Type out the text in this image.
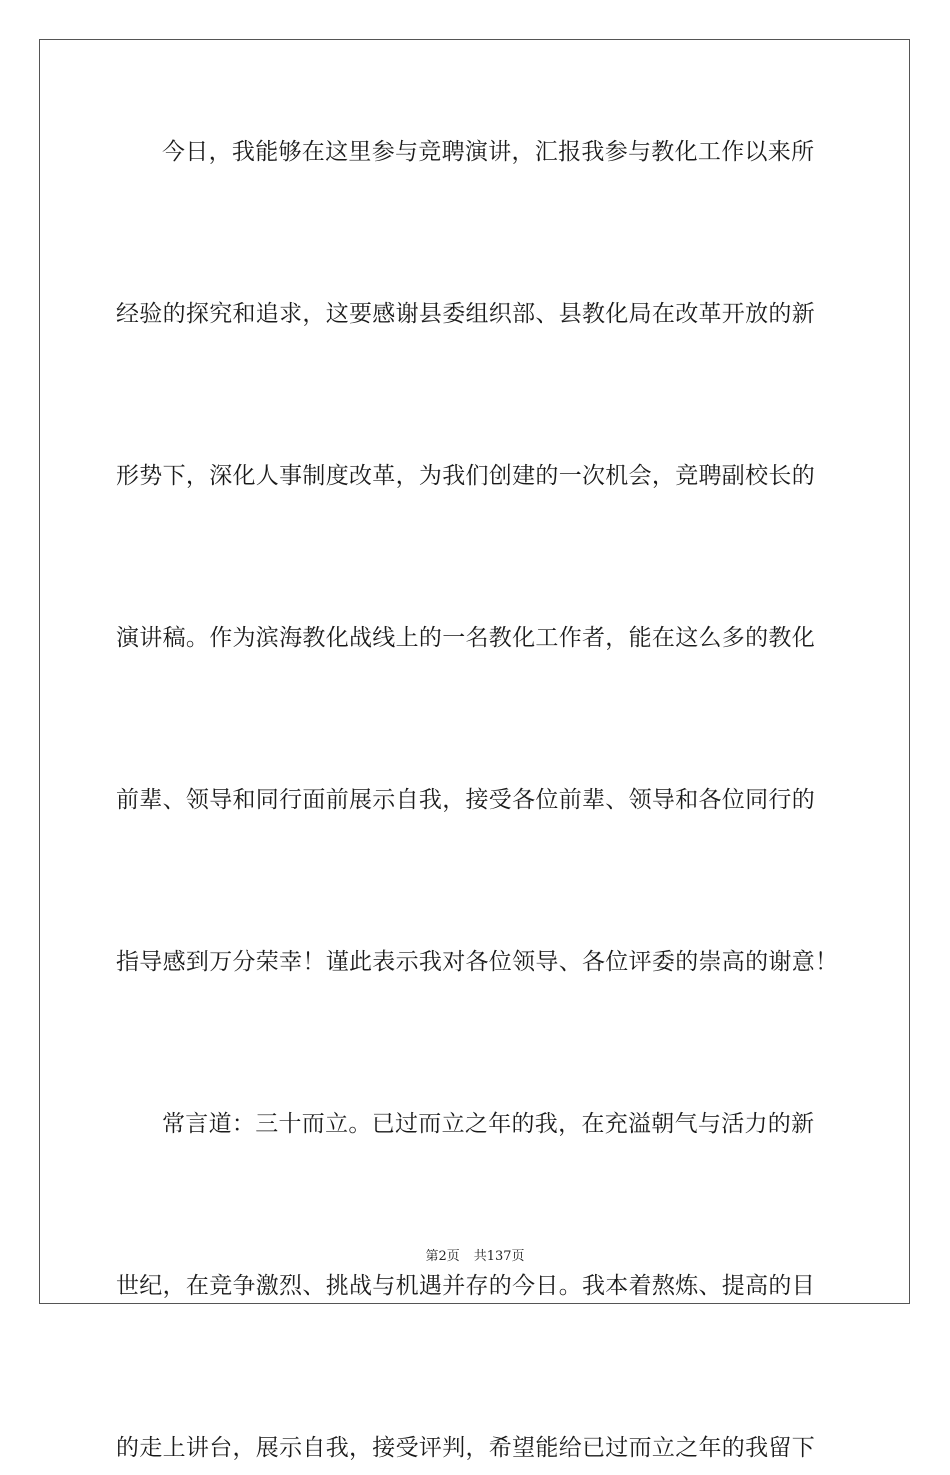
今日，我能够在这里参与竞聘演讲，汇报我参与教化工作以来所
经验的探究和追求，这要感谢县委组织部、县教化局在改革开放的新
形势下，深化人事制度改革，为我们创建的一次机会，竞聘副校长的
演讲稿。作为滨海教化战线上的一名教化工作者，能在这么多的教化
前辈、领导和同行面前展示自我，接受各位前辈、领导和各位同行的
指导感到万分荣幸！谨此表示我对各位领导、各位评委的崇高的谢意！
常言道：三十而立。已过而立之年的我，在充溢朝气与活力的新
世纪，在竞争激烈、挑战与机遇并存的今日。我本着熬炼、提高的目
的走上讲台，展示自我，接受评判，希望能给已过而立之年的我留下
第2页 共137页
